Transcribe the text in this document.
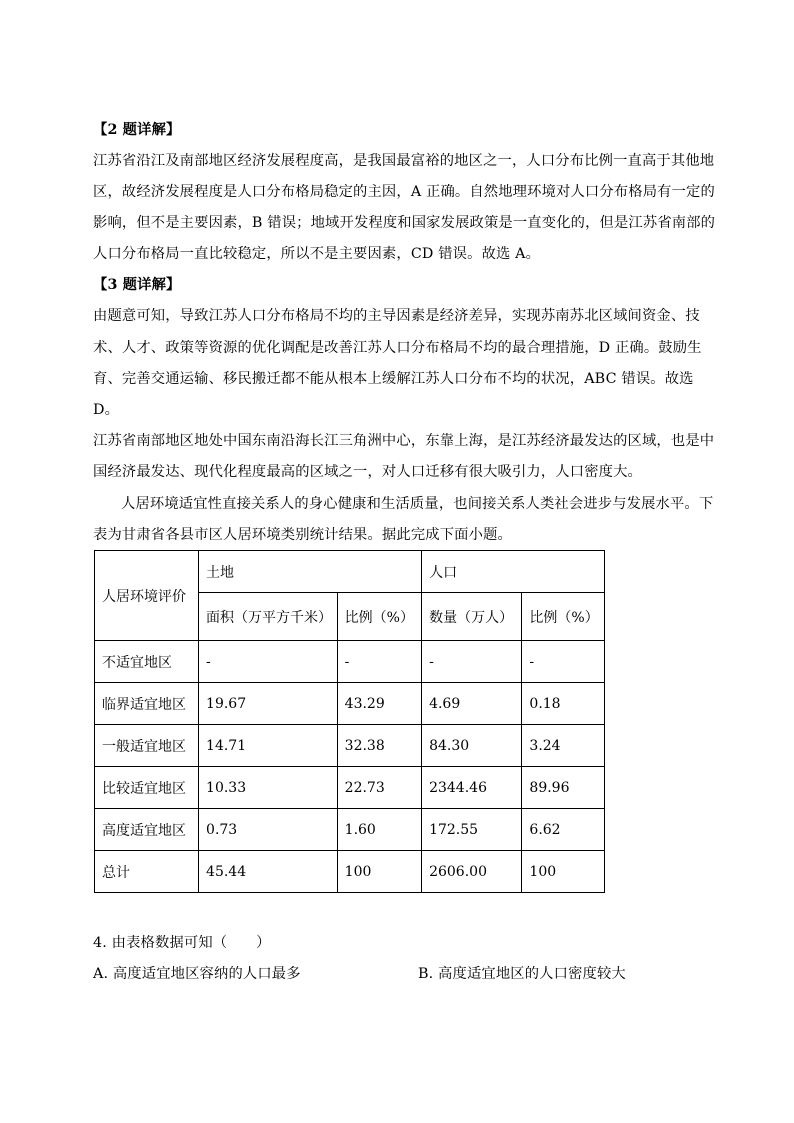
【2 题详解】
江苏省沿江及南部地区经济发展程度高，是我国最富裕的地区之一，人口分布比例一直高于其他地
区，故经济发展程度是人口分布格局稳定的主因，A 正确。自然地理环境对人口分布格局有一定的
影响，但不是主要因素，B 错误；地域开发程度和国家发展政策是一直变化的，但是江苏省南部的
人口分布格局一直比较稳定，所以不是主要因素，CD 错误。故选 A。
【3 题详解】
由题意可知，导致江苏人口分布格局不均的主导因素是经济差异，实现苏南苏北区域间资金、技
术、人才、政策等资源的优化调配是改善江苏人口分布格局不均的最合理措施，D 正确。鼓励生
育、完善交通运输、移民搬迁都不能从根本上缓解江苏人口分布不均的状况，ABC 错误。故选
D。
江苏省南部地区地处中国东南沿海长江三角洲中心，东靠上海，是江苏经济最发达的区域，也是中
国经济最发达、现代化程度最高的区域之一，对人口迁移有很大吸引力，人口密度大。
人居环境适宜性直接关系人的身心健康和生活质量，也间接关系人类社会进步与发展水平。下
表为甘肃省各县市区人居环境类别统计结果。据此完成下面小题。
人居环境评价	土地		人口	
	面积（万平方千米）	比例（%）	数量（万人）	比例（%）
不适宜地区	-	-	-	-
临界适宜地区	19.67	43.29	4.69	0.18
一般适宜地区	14.71	32.38	84.30	3.24
比较适宜地区	10.33	22.73	2344.46	89.96
高度适宜地区	0.73	1.60	172.55	6.62
总计	45.44	100	2606.00	100
4. 由表格数据可知（　　）
A. 高度适宜地区容纳的人口最多	B. 高度适宜地区的人口密度较大
